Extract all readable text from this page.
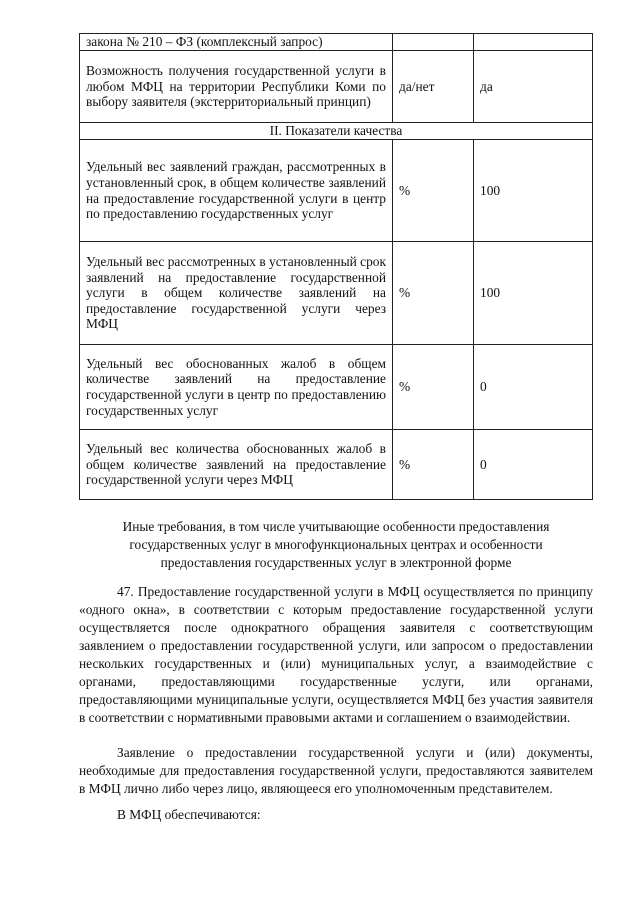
закона № 210 – ФЗ (комплексный запрос)		
Возможность получения государственной услуги в любом МФЦ на территории Республики Коми по выбору заявителя (экстерриториальный принцип)	да/нет	да
II. Показатели качества		
Удельный вес заявлений граждан, рассмотренных в установленный срок, в общем количестве заявлений на предоставление государственной услуги в центр по предоставлению государственных услуг	%	100
Удельный вес рассмотренных в установленный срок заявлений на предоставление государственной услуги в общем количестве заявлений на предоставление государственной услуги через МФЦ	%	100
Удельный вес обоснованных жалоб в общем количестве заявлений на предоставление государственной услуги в центр по предоставлению государственных услуг	%	0
Удельный вес количества обоснованных жалоб в общем количестве заявлений на предоставление государственной услуги через МФЦ	%	0
Иные требования, в том числе учитывающие особенности предоставления
государственных услуг в многофункциональных центрах и особенности
предоставления государственных услуг в электронной форме

47. Предоставление государственной услуги в МФЦ осуществляется по принципу «одного окна», в соответствии с которым предоставление государственной услуги осуществляется после однократного обращения заявителя с соответствующим заявлением о предоставлении государственной услуги, или запросом о предоставлении нескольких государственных и (или) муниципальных услуг, а взаимодействие с органами, предоставляющими государственные услуги, или органами, предоставляющими муниципальные услуги, осуществляется МФЦ без участия заявителя в соответствии с нормативными правовыми актами и соглашением о взаимодействии.

Заявление о предоставлении государственной услуги и (или) документы, необходимые для предоставления государственной услуги, предоставляются заявителем в МФЦ лично либо через лицо, являющееся его уполномоченным представителем.

В МФЦ обеспечиваются:
